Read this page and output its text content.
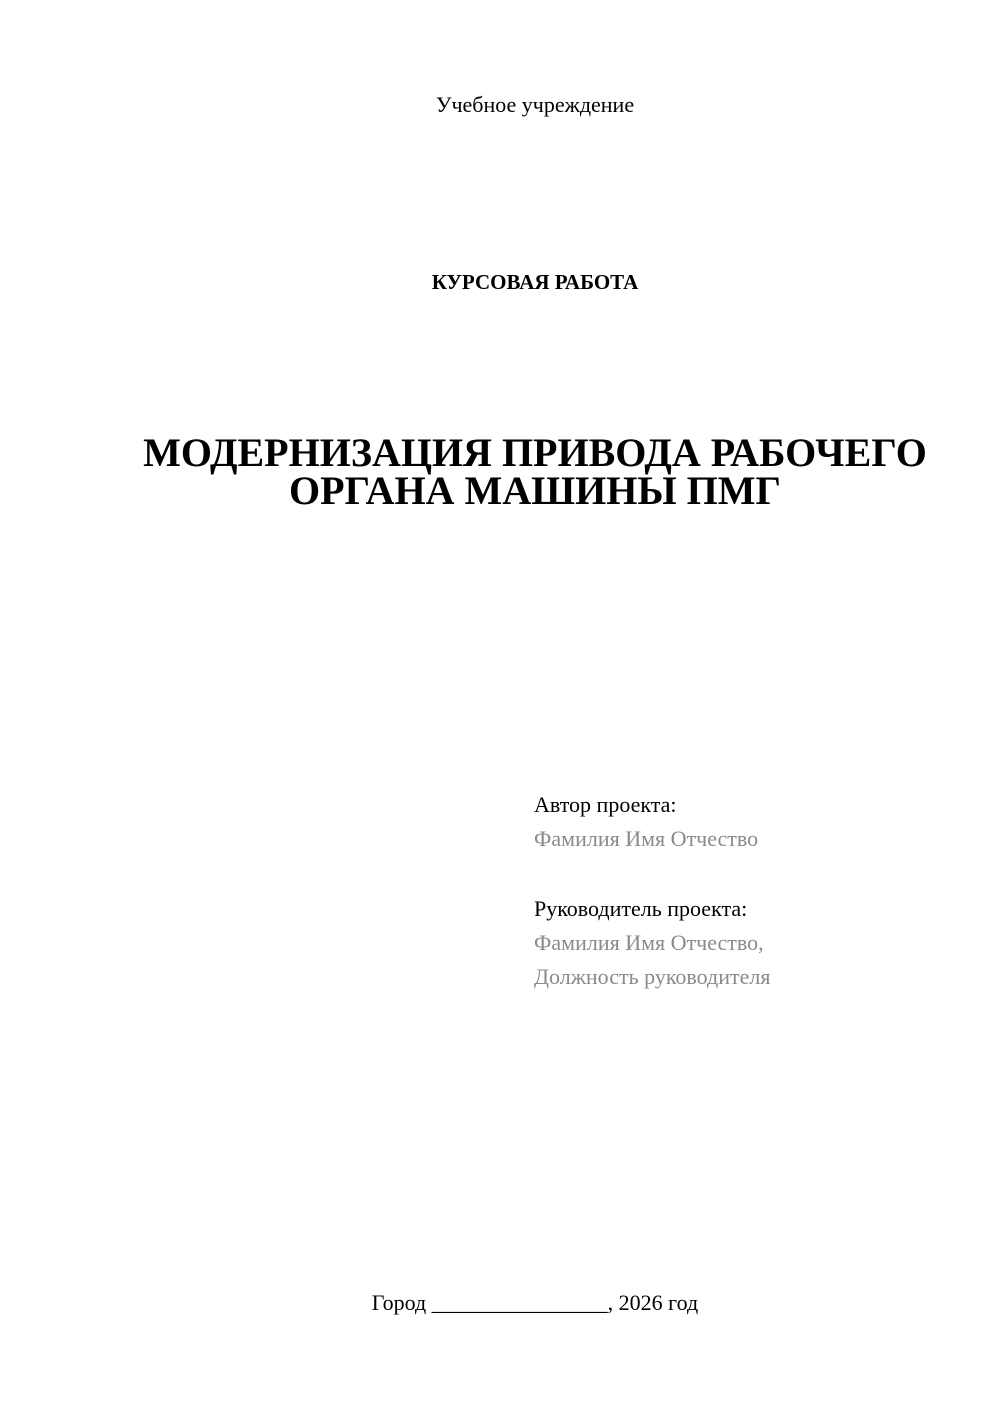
Учебное учреждение
КУРСОВАЯ РАБОТА
МОДЕРНИЗАЦИЯ ПРИВОДА РАБОЧЕГО
ОРГАНА МАШИНЫ ПМГ
Автор проекта:
Фамилия Имя Отчество
Руководитель проекта:
Фамилия Имя Отчество,
Должность руководителя
Город ________________, 2026 год
